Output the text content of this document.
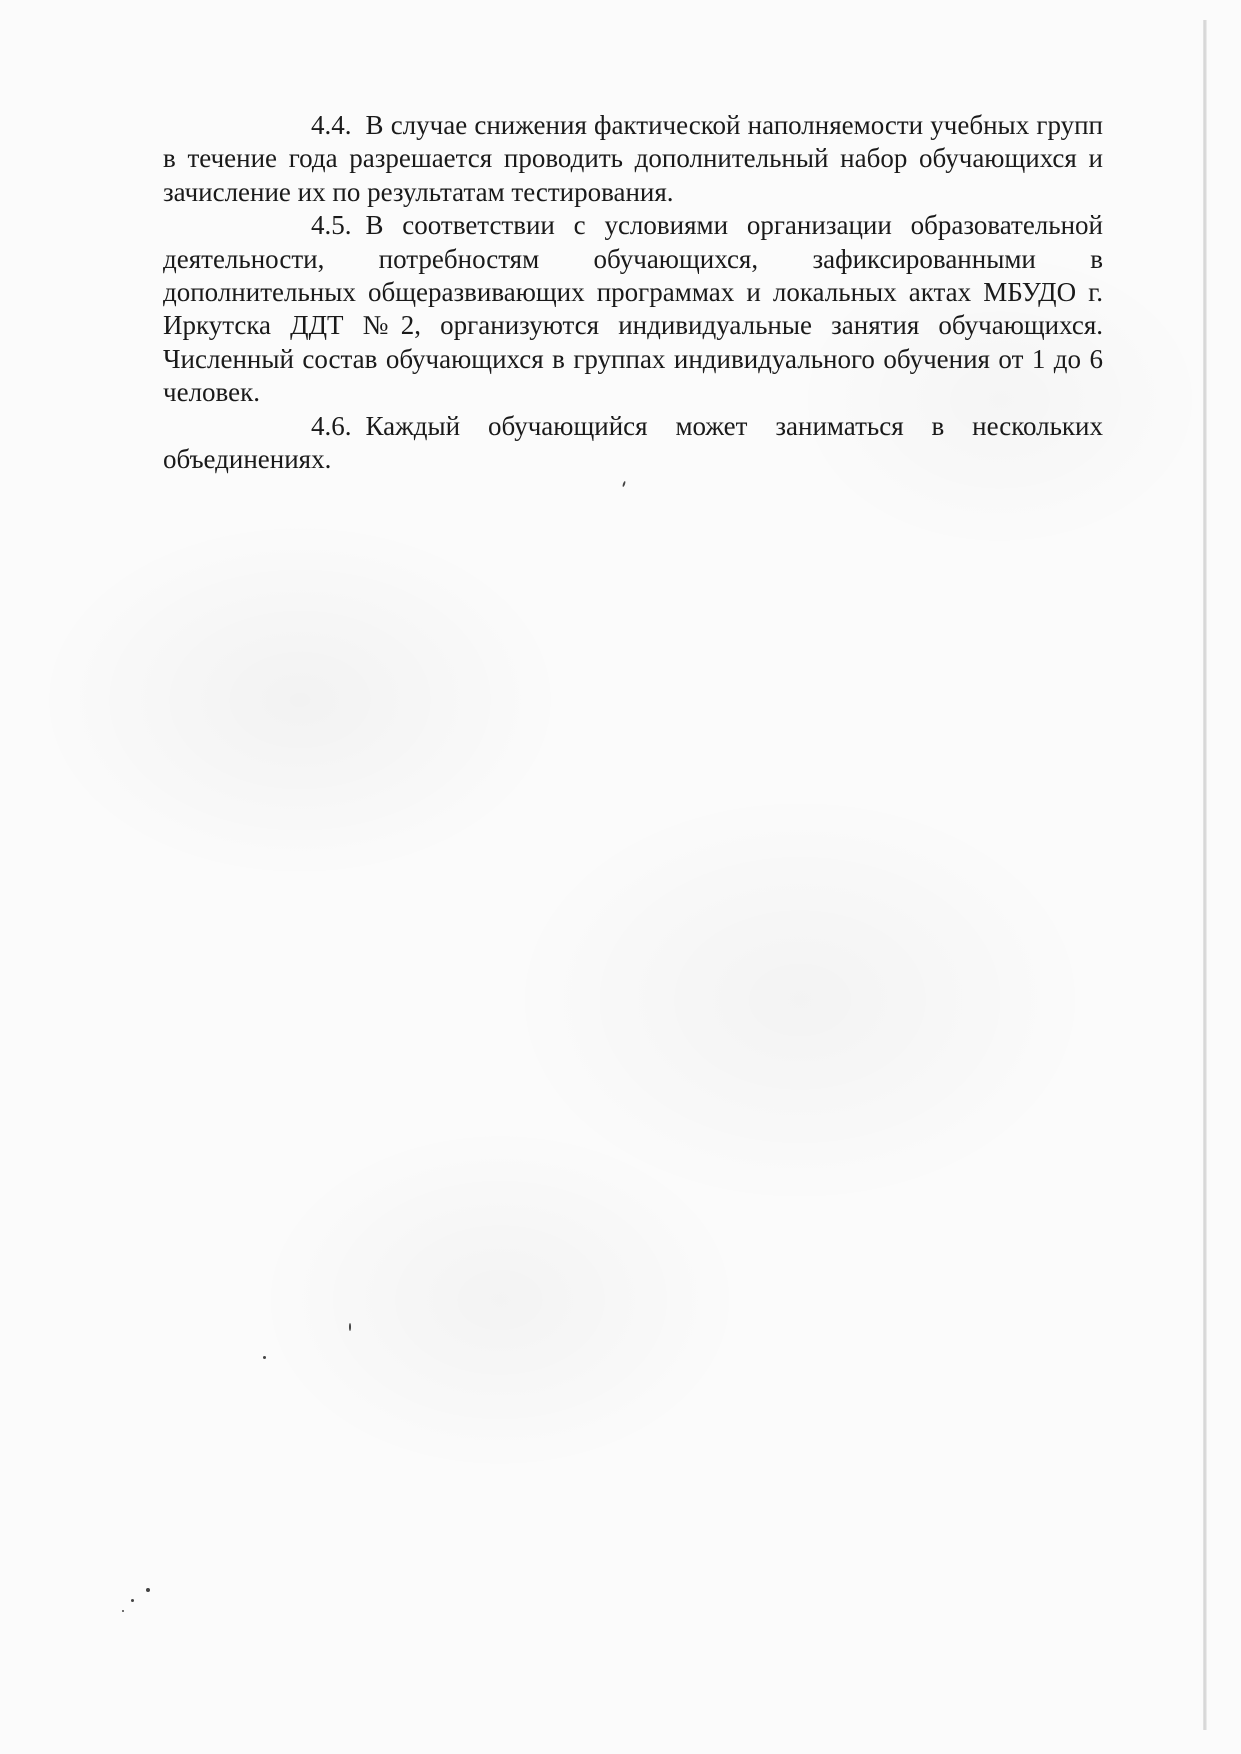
4.4. В случае снижения фактической наполняемости учебных групп в течение года разрешается проводить дополнительный набор обучающихся и зачисление их по результатам тестирования.

4.5. В соответствии с условиями организации образовательной деятельности, потребностям обучающихся, зафиксированными в дополнительных общеразвивающих программах и локальных актах МБУДО г. Иркутска ДДТ №2, организуются индивидуальные занятия обучающихся. Численный состав обучающихся в группах индивидуального обучения от 1 до 6 человек.

4.6. Каждый обучающийся может заниматься в нескольких объединениях.
